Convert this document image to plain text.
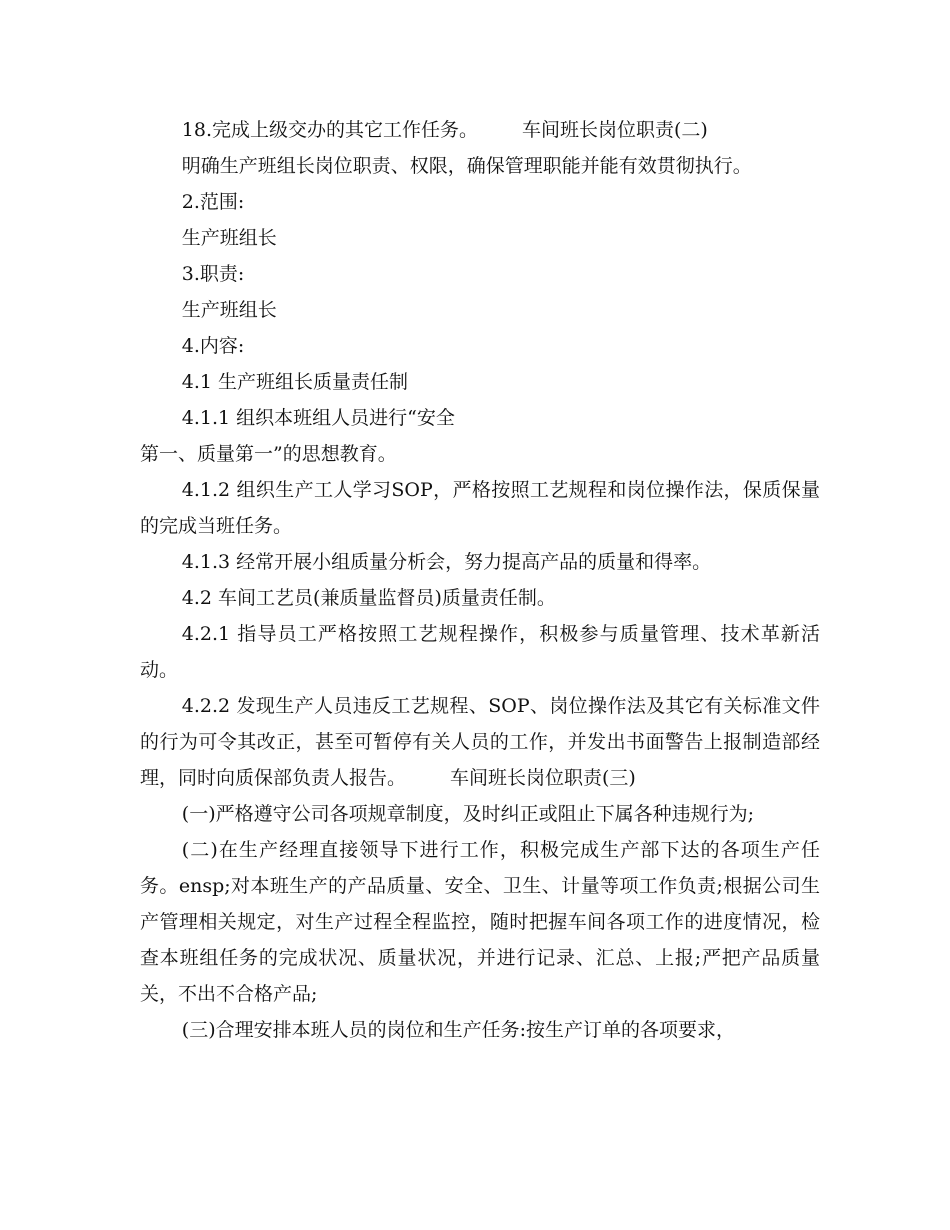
18.完成上级交办的其它工作任务。 车间班长岗位职责(二)

明确生产班组长岗位职责、权限，确保管理职能并能有效贯彻执行。

2.范围:

生产班组长

3.职责:

生产班组长

4.内容:

4.1 生产班组长质量责任制

4.1.1 组织本班组人员进行“安全

第一、质量第一”的思想教育。

4.1.2 组织生产工人学习SOP，严格按照工艺规程和岗位操作法，保质保量的完成当班任务。

4.1.3 经常开展小组质量分析会，努力提高产品的质量和得率。

4.2 车间工艺员(兼质量监督员)质量责任制。

4.2.1 指导员工严格按照工艺规程操作，积极参与质量管理、技术革新活动。

4.2.2 发现生产人员违反工艺规程、SOP、岗位操作法及其它有关标准文件的行为可令其改正，甚至可暂停有关人员的工作，并发出书面警告上报制造部经理，同时向质保部负责人报告。 车间班长岗位职责(三)

(一)严格遵守公司各项规章制度，及时纠正或阻止下属各种违规行为;

(二)在生产经理直接领导下进行工作，积极完成生产部下达的各项生产任务。ensp;对本班生产的产品质量、安全、卫生、计量等项工作负责;根据公司生产管理相关规定，对生产过程全程监控，随时把握车间各项工作的进度情况，检查本班组任务的完成状况、质量状况，并进行记录、汇总、上报;严把产品质量关，不出不合格产品;

(三)合理安排本班人员的岗位和生产任务:按生产订单的各项要求，
